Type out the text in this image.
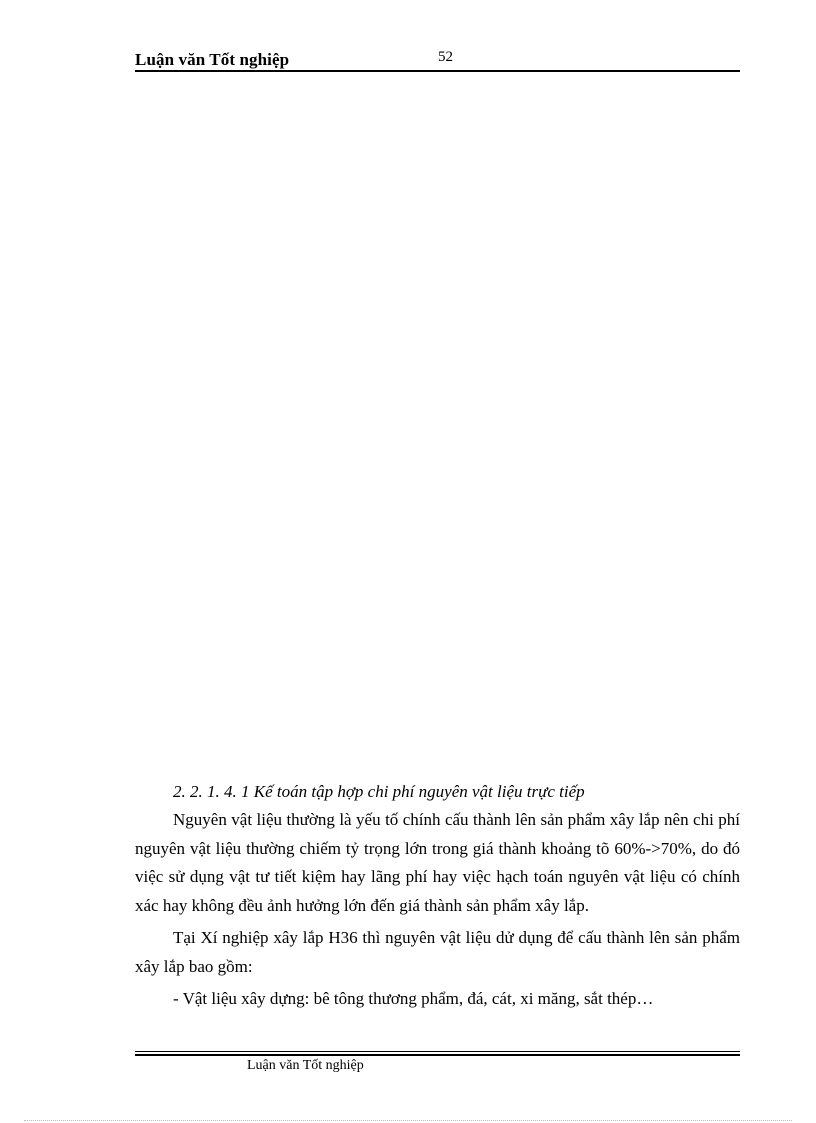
Luận văn Tốt nghiệp	52
2. 2. 1. 4. 1 Kế toán tập hợp chi phí nguyên vật liệu trực tiếp

Nguyên vật liệu thường là yếu tố chính cấu thành lên sản phẩm xây lắp nên chi phí nguyên vật liệu thường chiếm tỷ trọng lớn trong giá thành khoảng tõ 60%->70%, do đó việc sử dụng vật tư tiết kiệm hay lãng phí hay việc hạch toán nguyên vật liệu có chính xác hay không đều ảnh hưởng lớn đến giá thành sản phẩm xây lắp.

Tại Xí nghiệp xây lắp H36 thì nguyên vật liệu dử dụng để cấu thành lên sản phẩm xây lắp bao gồm:

- Vật liệu xây dựng: bê tông thương phẩm, đá, cát, xi măng, sắt thép…

Luận văn Tốt nghiệp
